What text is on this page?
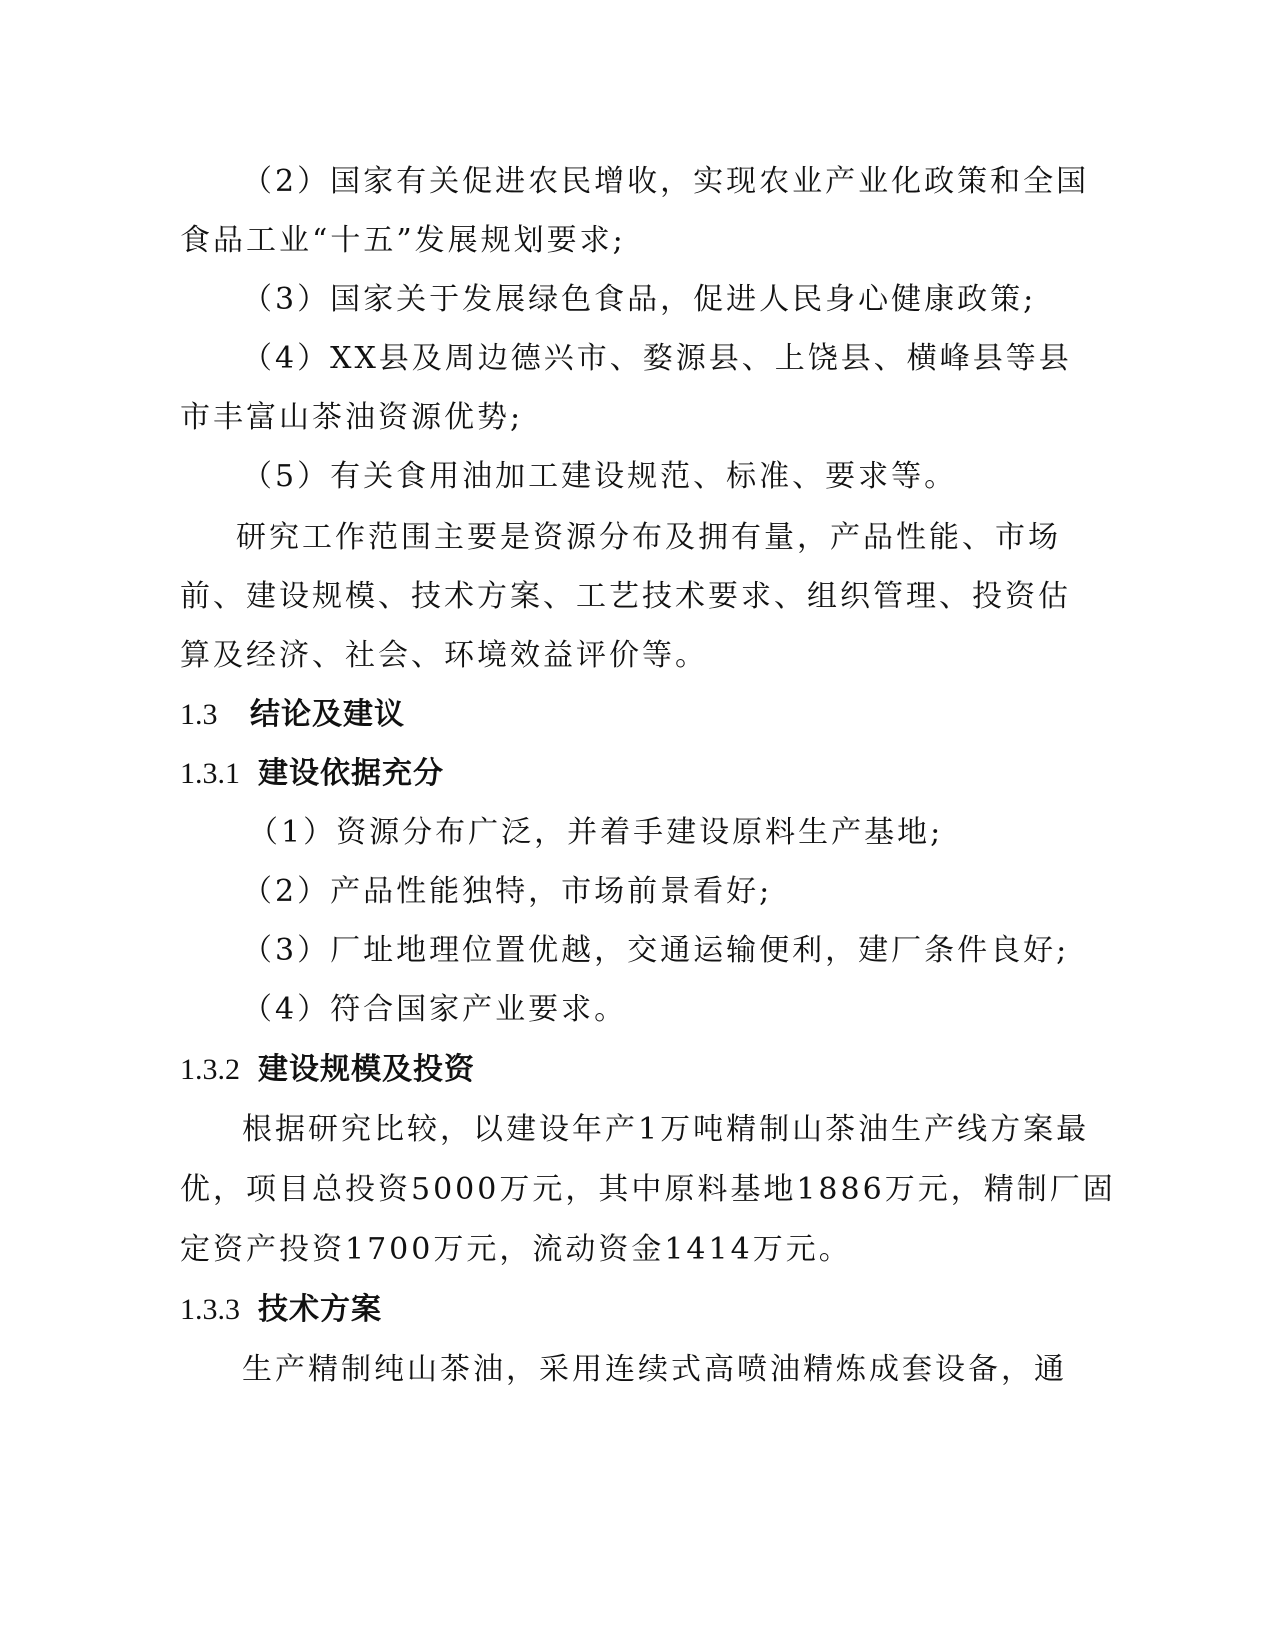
（2）国家有关促进农民增收，实现农业产业化政策和全国
食品工业“十五”发展规划要求;
（3）国家关于发展绿色食品，促进人民身心健康政策;
（4）XX县及周边德兴市、婺源县、上饶县、横峰县等县
市丰富山茶油资源优势;
（5）有关食用油加工建设规范、标准、要求等。
研究工作范围主要是资源分布及拥有量，产品性能、市场
前、建设规模、技术方案、工艺技术要求、组织管理、投资估
算及经济、社会、环境效益评价等。
1.3 结论及建议
1.3.1 建设依据充分
（1）资源分布广泛，并着手建设原料生产基地;
（2）产品性能独特，市场前景看好;
（3）厂址地理位置优越，交通运输便利，建厂条件良好;
（4）符合国家产业要求。
1.3.2 建设规模及投资
根据研究比较，以建设年产1万吨精制山茶油生产线方案最
优，项目总投资5000万元，其中原料基地1886万元，精制厂固
定资产投资1700万元，流动资金1414万元。
1.3.3 技术方案
生产精制纯山茶油，采用连续式高喷油精炼成套设备，通
